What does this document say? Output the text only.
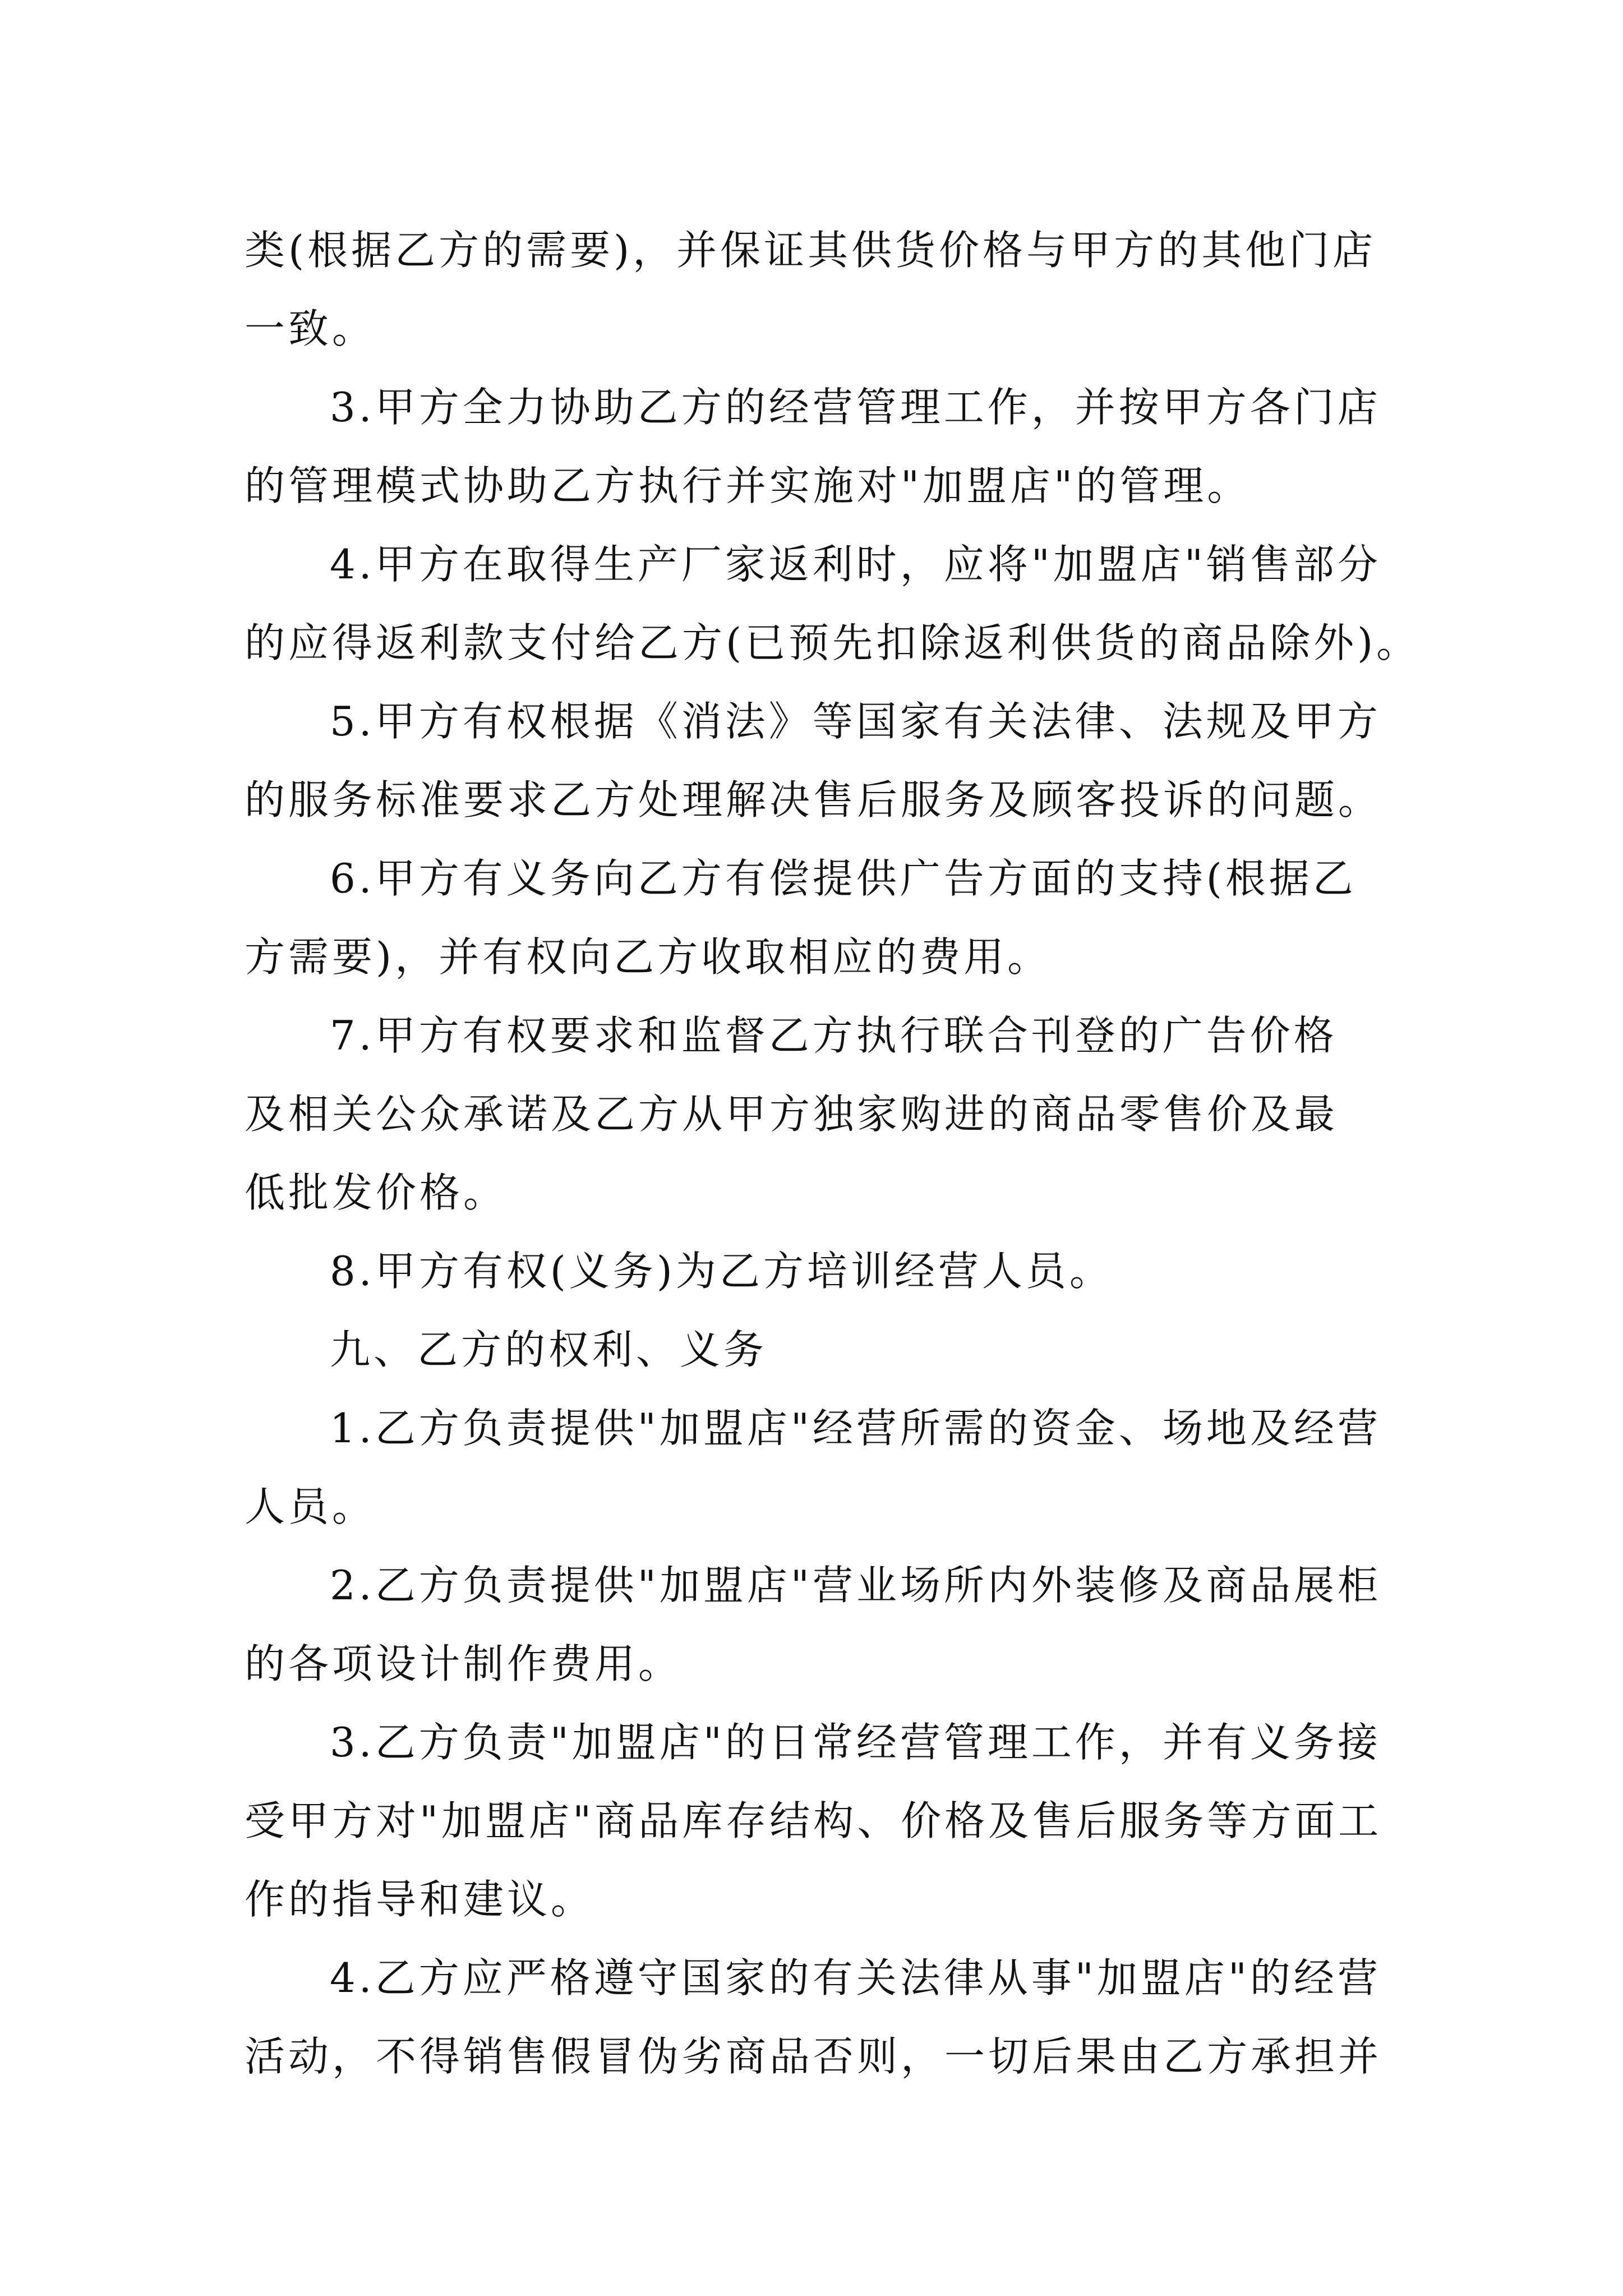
类(根据乙方的需要)，并保证其供货价格与甲方的其他门店
一致。
3.甲方全力协助乙方的经营管理工作，并按甲方各门店
的管理模式协助乙方执行并实施对"加盟店"的管理。
4.甲方在取得生产厂家返利时，应将"加盟店"销售部分
的应得返利款支付给乙方(已预先扣除返利供货的商品除外)。
5.甲方有权根据《消法》等国家有关法律、法规及甲方
的服务标准要求乙方处理解决售后服务及顾客投诉的问题。
6.甲方有义务向乙方有偿提供广告方面的支持(根据乙
方需要)，并有权向乙方收取相应的费用。
7.甲方有权要求和监督乙方执行联合刊登的广告价格
及相关公众承诺及乙方从甲方独家购进的商品零售价及最
低批发价格。
8.甲方有权(义务)为乙方培训经营人员。
九、乙方的权利、义务
1.乙方负责提供"加盟店"经营所需的资金、场地及经营
人员。
2.乙方负责提供"加盟店"营业场所内外装修及商品展柜
的各项设计制作费用。
3.乙方负责"加盟店"的日常经营管理工作，并有义务接
受甲方对"加盟店"商品库存结构、价格及售后服务等方面工
作的指导和建议。
4.乙方应严格遵守国家的有关法律从事"加盟店"的经营
活动，不得销售假冒伪劣商品否则，一切后果由乙方承担并
